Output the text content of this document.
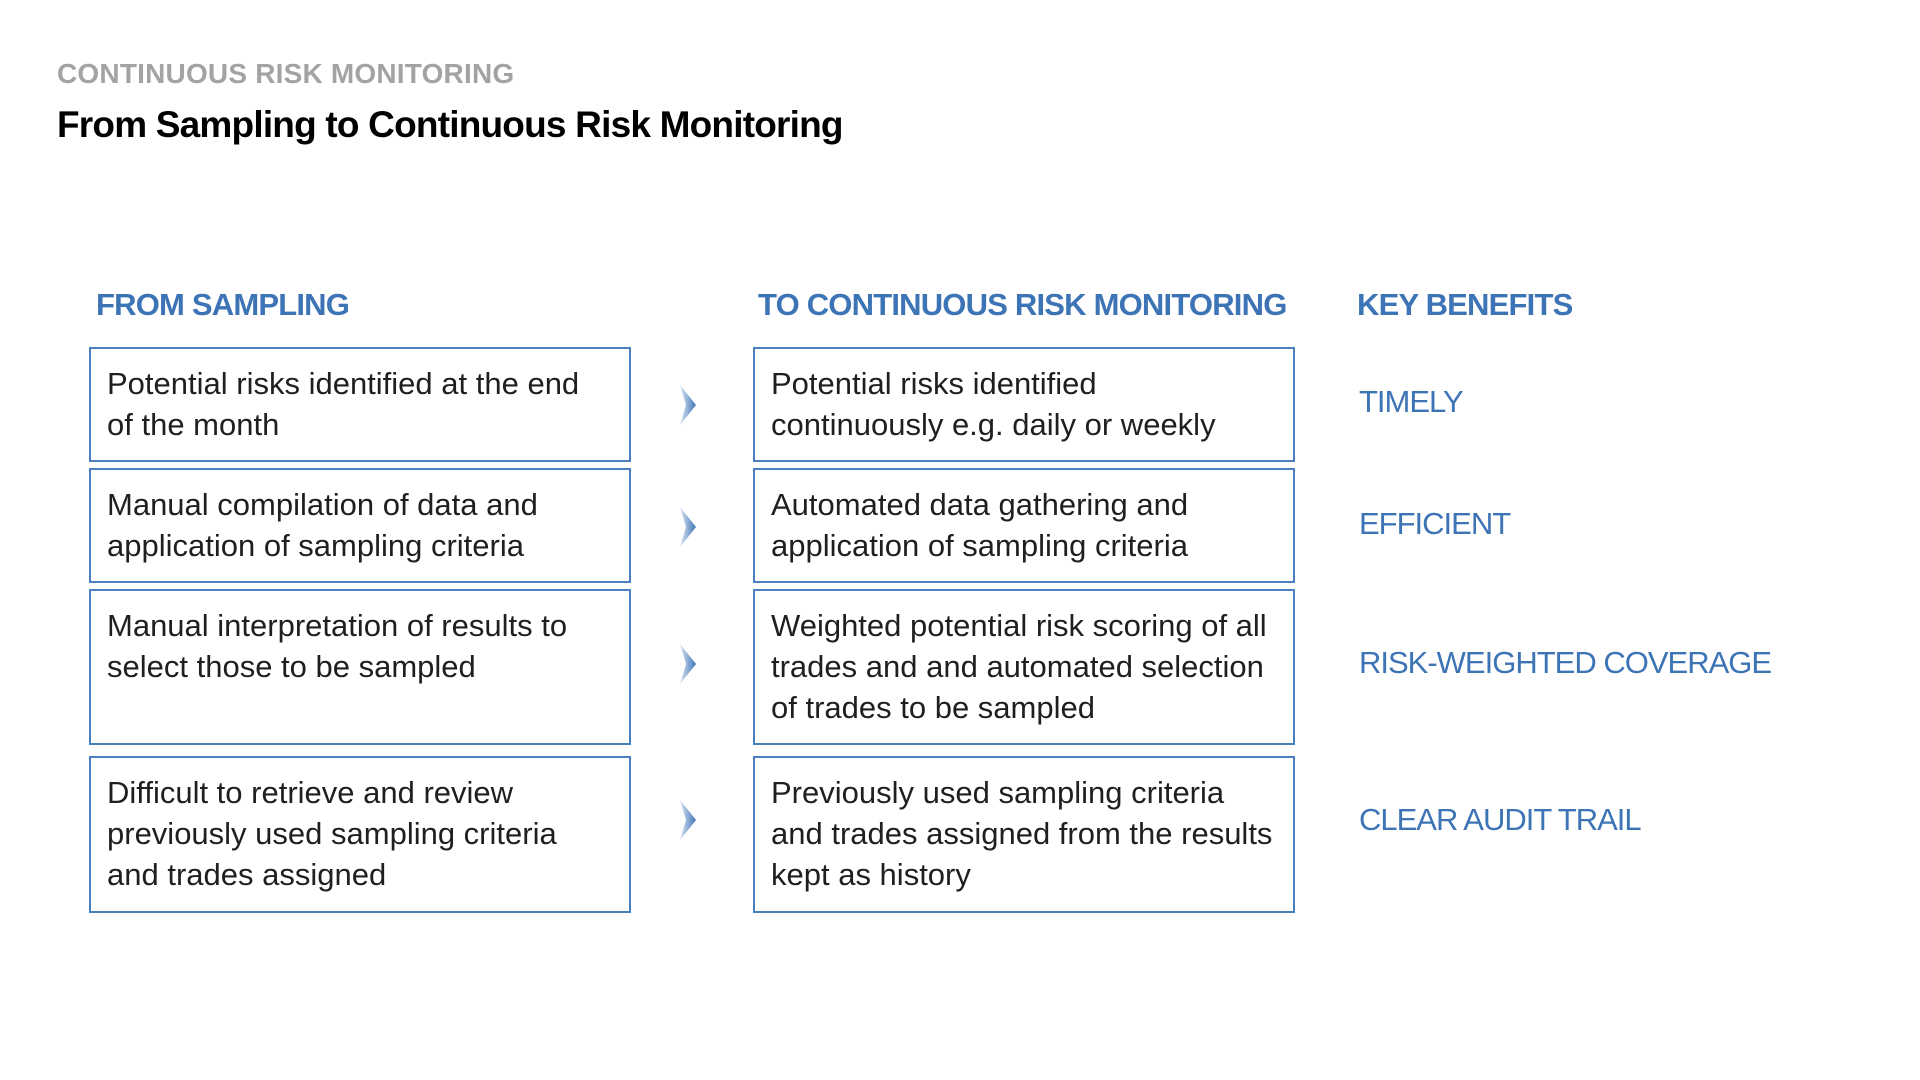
CONTINUOUS RISK MONITORING
From Sampling to Continuous Risk Monitoring
FROM SAMPLING	TO CONTINUOUS RISK MONITORING KEY BENEFITS
Potential risks identified at the end of the month
Potential risks identified continuously e.g. daily or weekly
TIMELY
Manual compilation of data and application of sampling criteria
Automated data gathering and application of sampling criteria
EFFICIENT
Manual interpretation of results to select those to be sampled
Weighted potential risk scoring of all trades and and automated selection of trades to be sampled
RISK-WEIGHTED COVERAGE
Difficult to retrieve and review previously used sampling criteria and trades assigned
Previously used sampling criteria and trades assigned from the results kept as history
CLEAR AUDIT TRAIL
